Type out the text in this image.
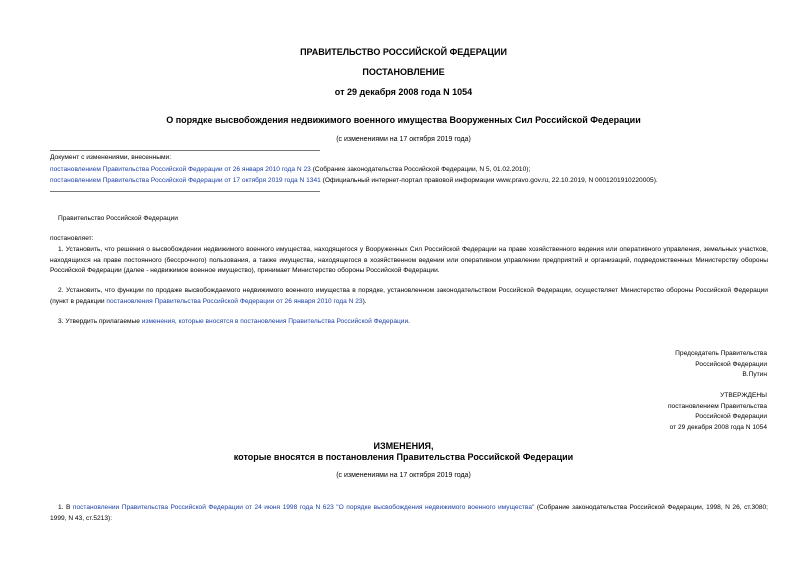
ПРАВИТЕЛЬСТВО РОССИЙСКОЙ ФЕДЕРАЦИИ
ПОСТАНОВЛЕНИЕ
от 29 декабря 2008 года N 1054
О порядке высвобождения недвижимого военного имущества Вооруженных Сил Российской Федерации
(с изменениями на 17 октября 2019 года)
Документ с изменениями, внесенными:
постановлением Правительства Российской Федерации от 26 января 2010 года N 23 (Собрание законодательства Российской Федерации, N 5, 01.02.2010);
постановлением Правительства Российской Федерации от 17 октября 2019 года N 1341 (Официальный интернет-портал правовой информации www.pravo.gov.ru, 22.10.2019, N 0001201910220005).
Правительство Российской Федерации
постановляет:
1. Установить, что решения о высвобождении недвижимого военного имущества, находящегося у Вооруженных Сил Российской Федерации на праве хозяйственного ведения или оперативного управления, земельных участков, находящихся на праве постоянного (бессрочного) пользования, а также имущества, находящегося в хозяйственном ведении или оперативном управлении предприятий и организаций, подведомственных Министерству обороны Российской Федерации (далее - недвижимое военное имущество), принимает Министерство обороны Российской Федерации.
2. Установить, что функции по продаже высвобождаемого недвижимого военного имущества в порядке, установленном законодательством Российской Федерации, осуществляет Министерство обороны Российской Федерации (пункт в редакции постановления Правительства Российской Федерации от 26 января 2010 года N 23).
3. Утвердить прилагаемые изменения, которые вносятся в постановления Правительства Российской Федерации.
Председатель Правительства
Российской Федерации
В.Путин
УТВЕРЖДЕНЫ
постановлением Правительства
Российской Федерации
от 29 декабря 2008 года N 1054
ИЗМЕНЕНИЯ,
которые вносятся в постановления Правительства Российской Федерации
(с изменениями на 17 октября 2019 года)
1. В постановлении Правительства Российской Федерации от 24 июня 1998 года N 623 "О порядке высвобождения недвижимого военного имущества" (Собрание законодательства Российской Федерации, 1998, N 26, ст.3080; 1999, N 43, ст.5213):
